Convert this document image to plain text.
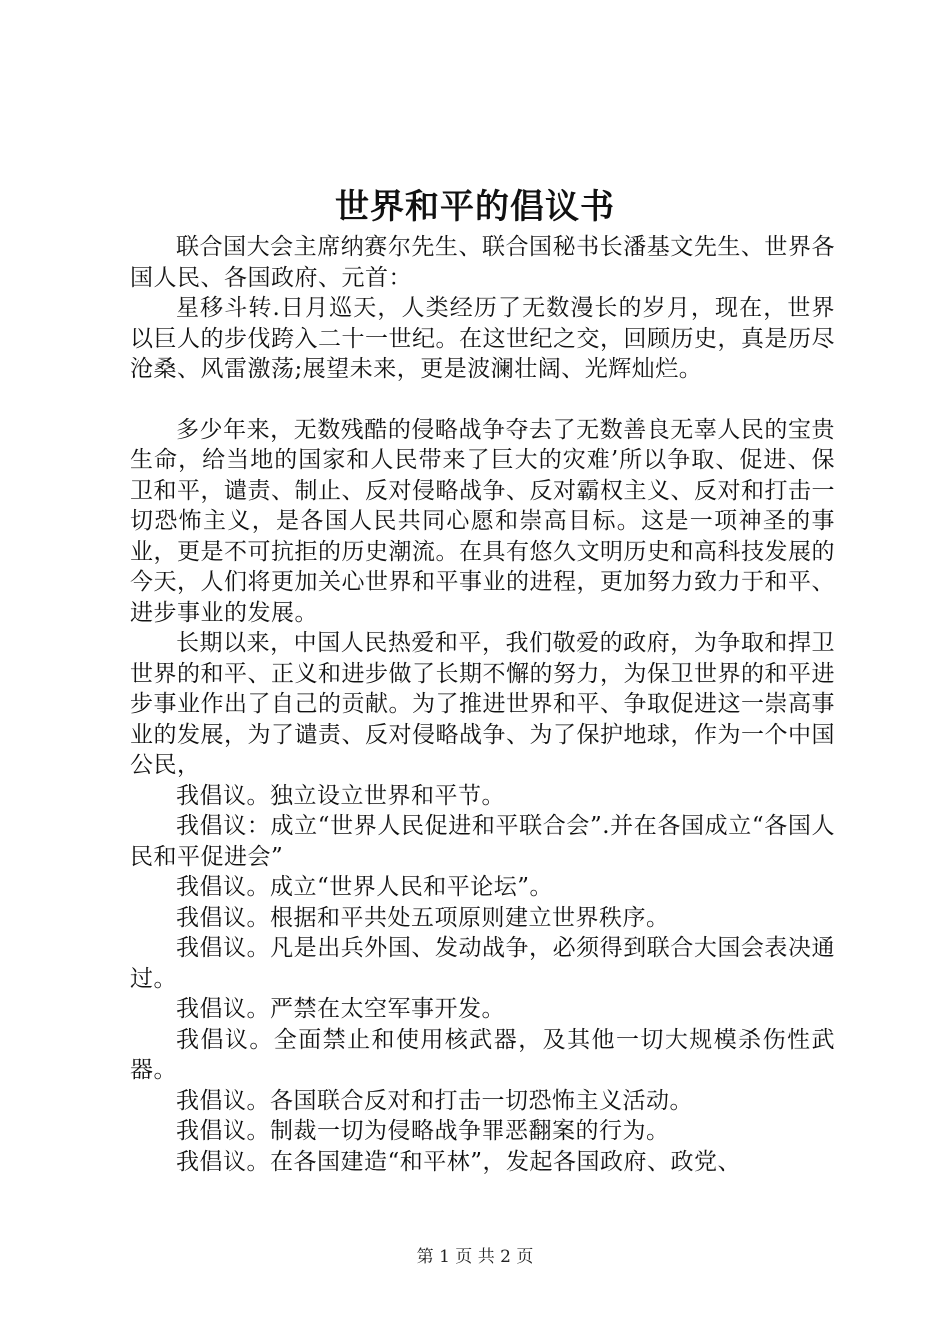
世界和平的倡议书

联合国大会主席纳赛尔先生、联合国秘书长潘基文先生、世界各国人民、各国政府、元首：

星移斗转.日月巡天，人类经历了无数漫长的岁月，现在，世界以巨人的步伐跨入二十一世纪。在这世纪之交，回顾历史，真是历尽沧桑、风雷激荡;展望未来，更是波澜壮阔、光辉灿烂。

多少年来，无数残酷的侵略战争夺去了无数善良无辜人民的宝贵生命，给当地的国家和人民带来了巨大的灾难’所以争取、促进、保卫和平，谴责、制止、反对侵略战争、反对霸权主义、反对和打击一切恐怖主义，是各国人民共同心愿和崇高目标。这是一项神圣的事业，更是不可抗拒的历史潮流。在具有悠久文明历史和高科技发展的今天，人们将更加关心世界和平事业的进程，更加努力致力于和平、进步事业的发展。

长期以来，中国人民热爱和平，我们敬爱的政府，为争取和捍卫世界的和平、正义和进步做了长期不懈的努力，为保卫世界的和平进步事业作出了自己的贡献。为了推进世界和平、争取促进这一崇高事业的发展，为了谴责、反对侵略战争、为了保护地球，作为一个中国公民，

我倡议。独立设立世界和平节。

我倡议：成立“世界人民促进和平联合会”.并在各国成立“各国人民和平促进会”

我倡议。成立“世界人民和平论坛”。

我倡议。根据和平共处五项原则建立世界秩序。

我倡议。凡是出兵外国、发动战争，必须得到联合大国会表决通过。

我倡议。严禁在太空军事开发。

我倡议。全面禁止和使用核武器，及其他一切大规模杀伤性武器。

我倡议。各国联合反对和打击一切恐怖主义活动。

我倡议。制裁一切为侵略战争罪恶翻案的行为。

我倡议。在各国建造“和平林”，发起各国政府、政党、

第 1 页 共 2 页
